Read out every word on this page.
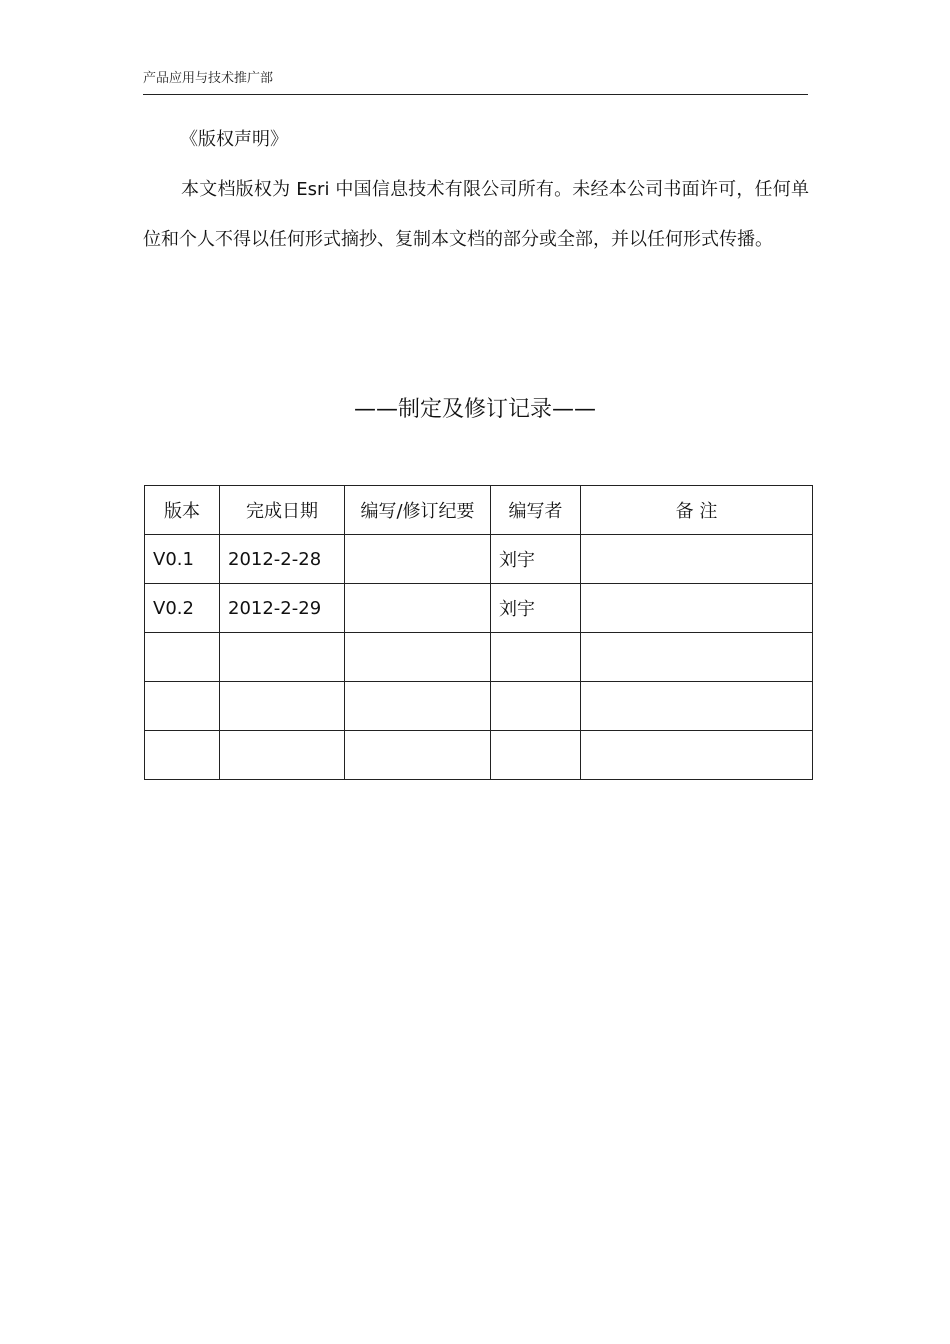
产品应用与技术推广部
《版权声明》

本文档版权为 Esri 中国信息技术有限公司所有。未经本公司书面许可，任何单位和个人不得以任何形式摘抄、复制本文档的部分或全部，并以任何形式传播。

——制定及修订记录——
版本	完成日期	编写/修订纪要	编写者	备 注
V0.1	2012-2-28		刘宇	
V0.2	2012-2-29		刘宇	
